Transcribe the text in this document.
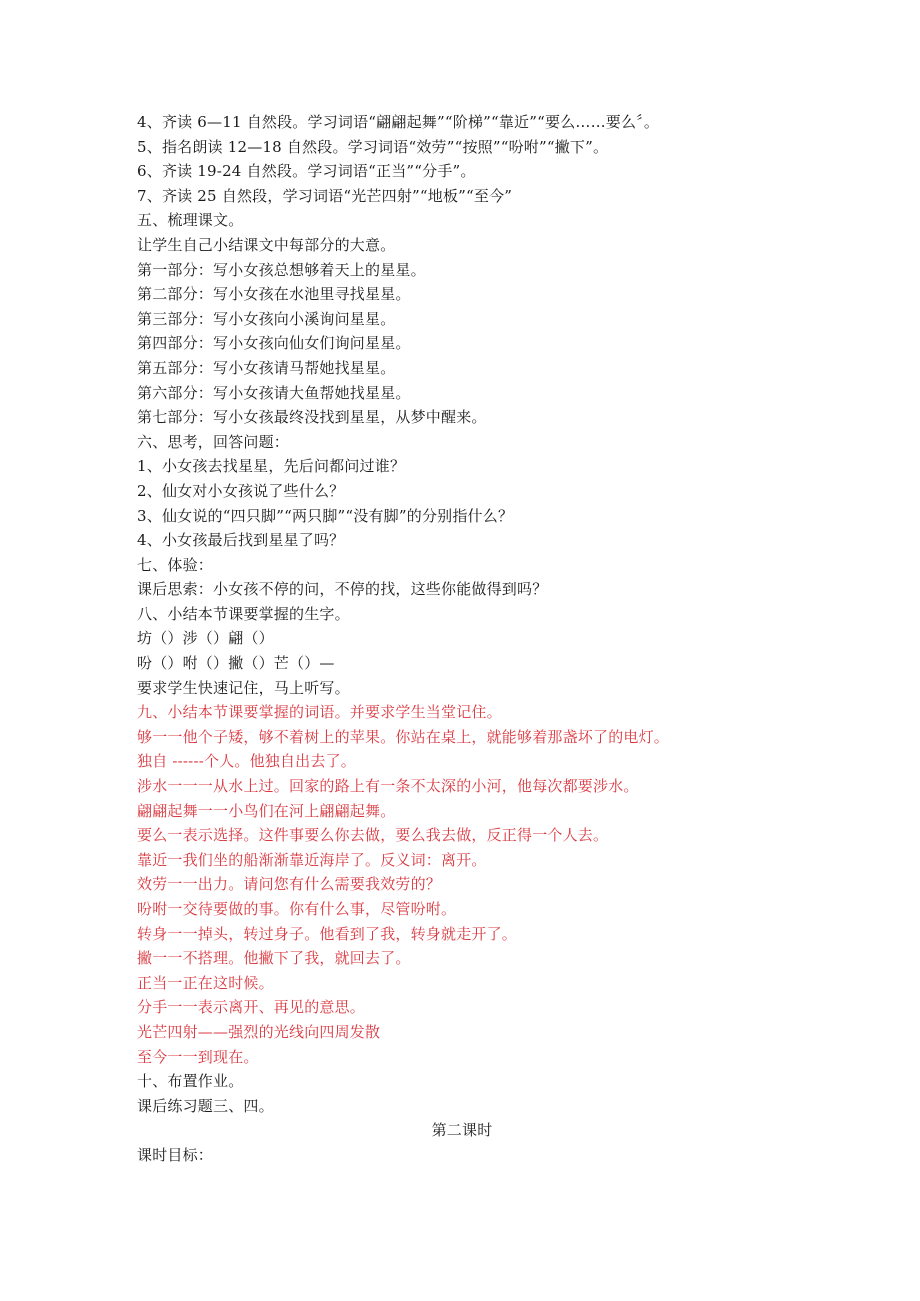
4、齐读 6—11 自然段。学习词语“翩翩起舞”“阶梯”“靠近”“要么……要么〞。
5、指名朗读 12—18 自然段。学习词语“效劳”“按照”“吩咐”“撇下”。
6、齐读 19-24 自然段。学习词语“正当”“分手”。
7、齐读 25 自然段，学习词语“光芒四射”“地板”“至今”
五、梳理课文。
让学生自己小结课文中每部分的大意。
第一部分：写小女孩总想够着天上的星星。
第二部分：写小女孩在水池里寻找星星。
第三部分：写小女孩向小溪询问星星。
第四部分：写小女孩向仙女们询问星星。
第五部分：写小女孩请马帮她找星星。
第六部分：写小女孩请大鱼帮她找星星。
第七部分：写小女孩最终没找到星星，从梦中醒来。
六、思考，回答问题：
1、小女孩去找星星，先后问都问过谁？
2、仙女对小女孩说了些什么？
3、仙女说的“四只脚”“两只脚”“没有脚”的分别指什么？
4、小女孩最后找到星星了吗？
七、体验：
课后思索：小女孩不停的问，不停的找，这些你能做得到吗？
八、小结本节课要掌握的生字。
坊（）涉（）翩（）
吩（）咐（）撇（）芒（）—
要求学生快速记住，马上听写。
九、小结本节课要掌握的词语。并要求学生当堂记住。
够一一他个子矮，够不着树上的苹果。你站在桌上，就能够着那盏坏了的电灯。
独自 ------个人。他独自出去了。
涉水一一一从水上过。回家的路上有一条不太深的小河，他每次都要涉水。
翩翩起舞一一小鸟们在河上翩翩起舞。
要么一表示选择。这件事要么你去做，要么我去做，反正得一个人去。
靠近一我们坐的船渐渐靠近海岸了。反义词：离开。
效劳一一出力。请问您有什么需要我效劳的？
吩咐一交待要做的事。你有什么事，尽管吩咐。
转身一一掉头，转过身子。他看到了我，转身就走开了。
撇一一不搭理。他撇下了我，就回去了。
正当一正在这时候。
分手一一表示离开、再见的意思。
光芒四射——强烈的光线向四周发散
至今一一到现在。
十、布置作业。
课后练习题三、四。
第二课时
课时目标：
